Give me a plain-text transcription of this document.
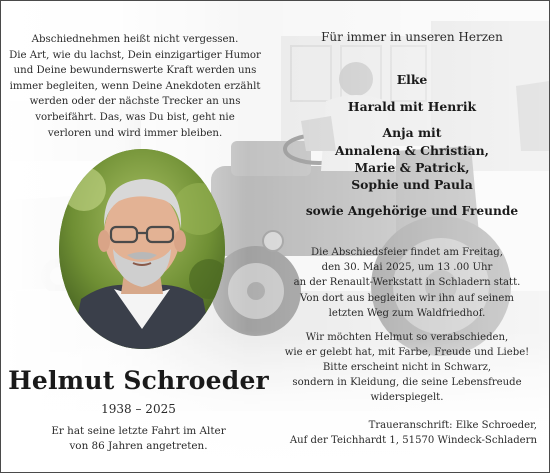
Abschiednehmen heißt nicht vergessen.
Die Art, wie du lachst, Dein einzigartiger Humor
und Deine bewundernswerte Kraft werden uns
immer begleiten, wenn Deine Anekdoten erzählt
werden oder der nächste Trecker an uns
vorbeifährt. Das, was Du bist, geht nie
verloren und wird immer bleiben.
Für immer in unseren Herzen
Elke
Harald mit Henrik
Anja mit
Annalena & Christian,
Marie & Patrick,
Sophie und Paula
sowie Angehörige und Freunde
Die Abschiedsfeier findet am Freitag,
den 30. Mai 2025, um 13 .00 Uhr
an der Renault-Werkstatt in Schladern statt.
Von dort aus begleiten wir ihn auf seinem
letzten Weg zum Waldfriedhof.
Wir möchten Helmut so verabschieden,
wie er gelebt hat, mit Farbe, Freude und Liebe!
Bitte erscheint nicht in Schwarz,
sondern in Kleidung, die seine Lebensfreude
widerspiegelt.
Traueranschrift: Elke Schroeder,
Auf der Teichhardt 1, 51570 Windeck-Schladern
Helmut Schroeder
1938 – 2025
Er hat seine letzte Fahrt im Alter
von 86 Jahren angetreten.
